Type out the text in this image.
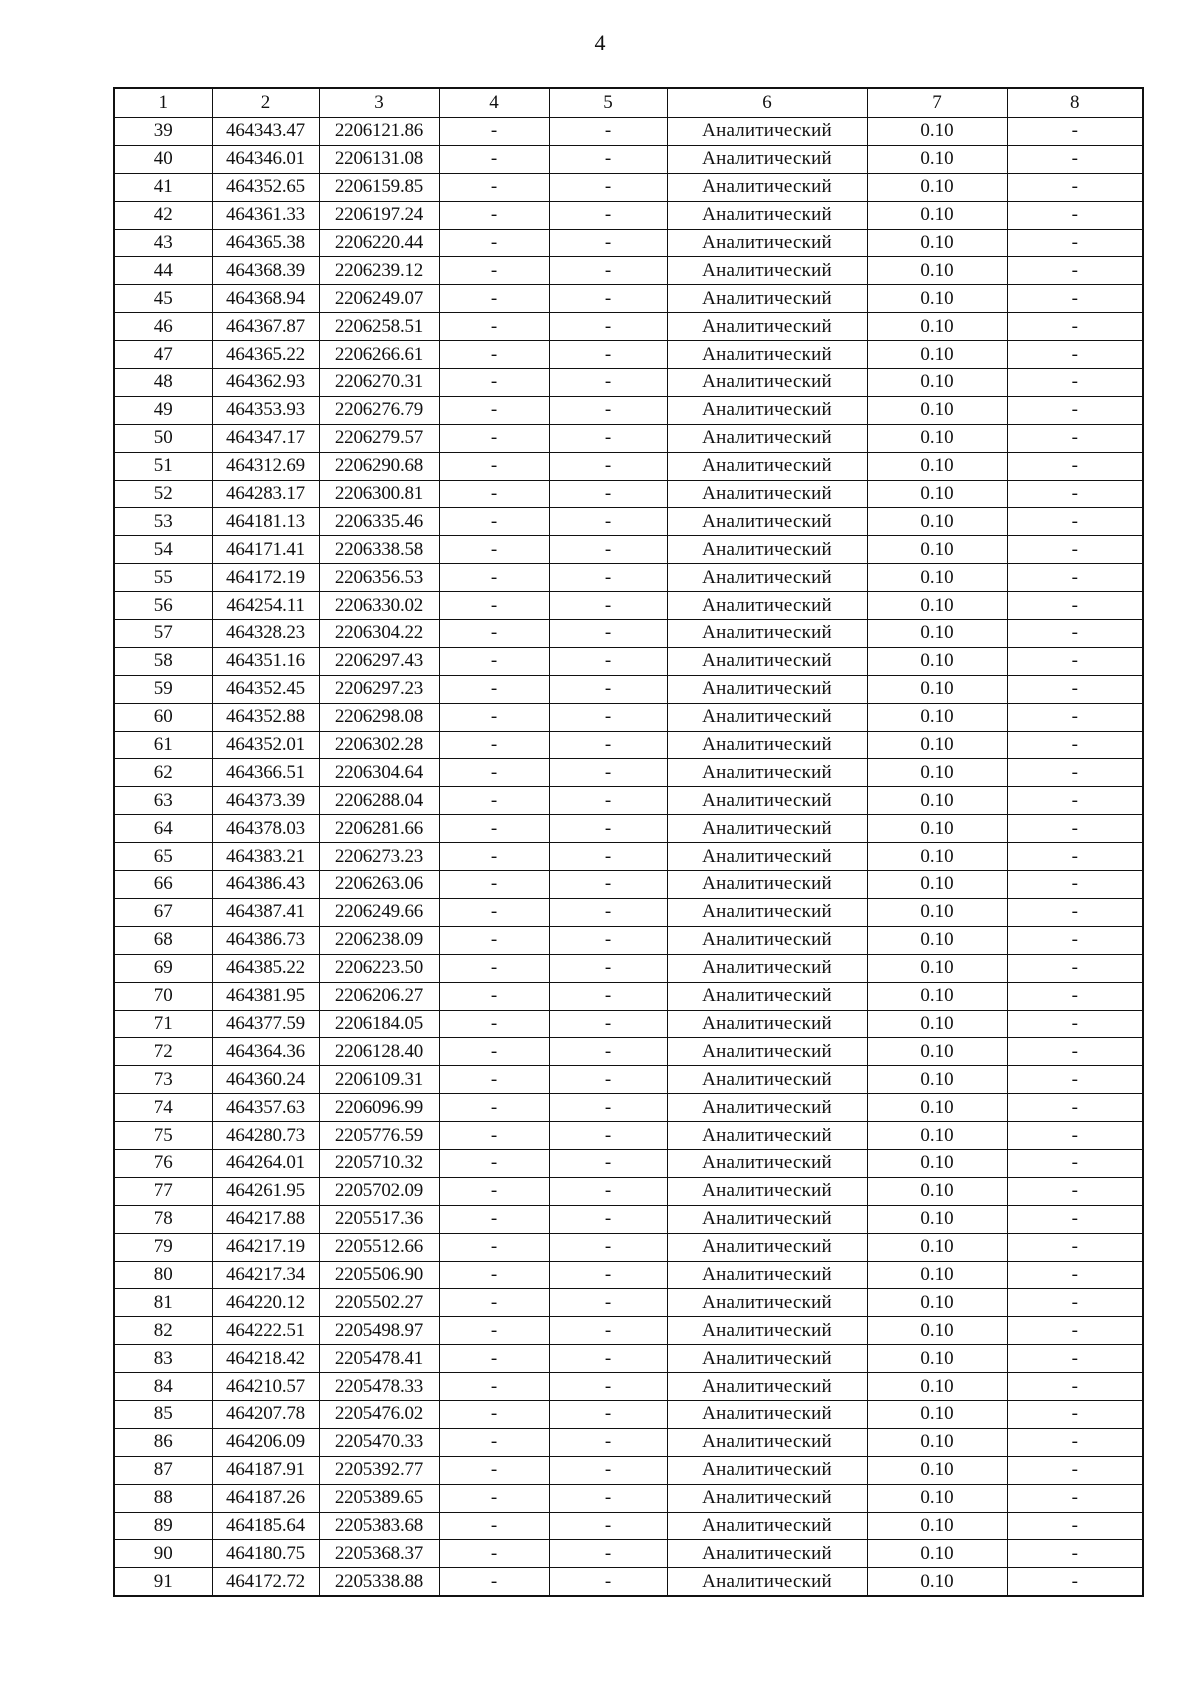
4
1	2	3	4	5	6	7	8
39	464343.47	2206121.86	-	-	Аналитический	0.10	-
40	464346.01	2206131.08	-	-	Аналитический	0.10	-
41	464352.65	2206159.85	-	-	Аналитический	0.10	-
42	464361.33	2206197.24	-	-	Аналитический	0.10	-
43	464365.38	2206220.44	-	-	Аналитический	0.10	-
44	464368.39	2206239.12	-	-	Аналитический	0.10	-
45	464368.94	2206249.07	-	-	Аналитический	0.10	-
46	464367.87	2206258.51	-	-	Аналитический	0.10	-
47	464365.22	2206266.61	-	-	Аналитический	0.10	-
48	464362.93	2206270.31	-	-	Аналитический	0.10	-
49	464353.93	2206276.79	-	-	Аналитический	0.10	-
50	464347.17	2206279.57	-	-	Аналитический	0.10	-
51	464312.69	2206290.68	-	-	Аналитический	0.10	-
52	464283.17	2206300.81	-	-	Аналитический	0.10	-
53	464181.13	2206335.46	-	-	Аналитический	0.10	-
54	464171.41	2206338.58	-	-	Аналитический	0.10	-
55	464172.19	2206356.53	-	-	Аналитический	0.10	-
56	464254.11	2206330.02	-	-	Аналитический	0.10	-
57	464328.23	2206304.22	-	-	Аналитический	0.10	-
58	464351.16	2206297.43	-	-	Аналитический	0.10	-
59	464352.45	2206297.23	-	-	Аналитический	0.10	-
60	464352.88	2206298.08	-	-	Аналитический	0.10	-
61	464352.01	2206302.28	-	-	Аналитический	0.10	-
62	464366.51	2206304.64	-	-	Аналитический	0.10	-
63	464373.39	2206288.04	-	-	Аналитический	0.10	-
64	464378.03	2206281.66	-	-	Аналитический	0.10	-
65	464383.21	2206273.23	-	-	Аналитический	0.10	-
66	464386.43	2206263.06	-	-	Аналитический	0.10	-
67	464387.41	2206249.66	-	-	Аналитический	0.10	-
68	464386.73	2206238.09	-	-	Аналитический	0.10	-
69	464385.22	2206223.50	-	-	Аналитический	0.10	-
70	464381.95	2206206.27	-	-	Аналитический	0.10	-
71	464377.59	2206184.05	-	-	Аналитический	0.10	-
72	464364.36	2206128.40	-	-	Аналитический	0.10	-
73	464360.24	2206109.31	-	-	Аналитический	0.10	-
74	464357.63	2206096.99	-	-	Аналитический	0.10	-
75	464280.73	2205776.59	-	-	Аналитический	0.10	-
76	464264.01	2205710.32	-	-	Аналитический	0.10	-
77	464261.95	2205702.09	-	-	Аналитический	0.10	-
78	464217.88	2205517.36	-	-	Аналитический	0.10	-
79	464217.19	2205512.66	-	-	Аналитический	0.10	-
80	464217.34	2205506.90	-	-	Аналитический	0.10	-
81	464220.12	2205502.27	-	-	Аналитический	0.10	-
82	464222.51	2205498.97	-	-	Аналитический	0.10	-
83	464218.42	2205478.41	-	-	Аналитический	0.10	-
84	464210.57	2205478.33	-	-	Аналитический	0.10	-
85	464207.78	2205476.02	-	-	Аналитический	0.10	-
86	464206.09	2205470.33	-	-	Аналитический	0.10	-
87	464187.91	2205392.77	-	-	Аналитический	0.10	-
88	464187.26	2205389.65	-	-	Аналитический	0.10	-
89	464185.64	2205383.68	-	-	Аналитический	0.10	-
90	464180.75	2205368.37	-	-	Аналитический	0.10	-
91	464172.72	2205338.88	-	-	Аналитический	0.10	-
